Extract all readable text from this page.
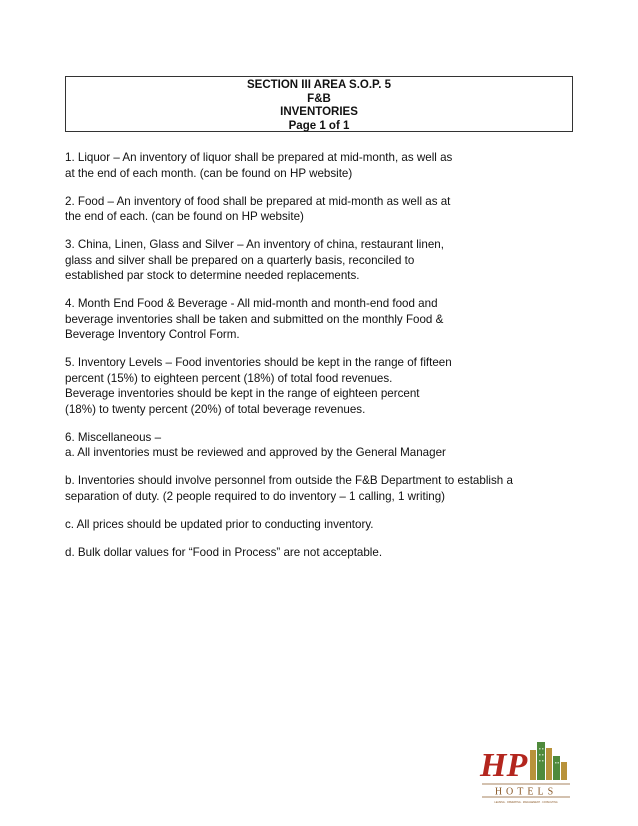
SECTION III AREA S.O.P. 5
F&B
INVENTORIES
Page 1 of 1
1. Liquor – An inventory of liquor shall be prepared at mid-month, as well as
at the end of each month. (can be found on HP website)
2. Food – An inventory of food shall be prepared at mid-month as well as at
the end of each. (can be found on HP website)
3. China, Linen, Glass and Silver – An inventory of china, restaurant linen,
glass and silver shall be prepared on a quarterly basis, reconciled to
established par stock to determine needed replacements.
4. Month End Food & Beverage - All mid-month and month-end food and
beverage inventories shall be taken and submitted on the monthly Food &
Beverage Inventory Control Form.
5. Inventory Levels – Food inventories should be kept in the range of fifteen
percent (15%) to eighteen percent (18%) of total food revenues.
Beverage inventories should be kept in the range of eighteen percent
(18%) to twenty percent (20%) of total beverage revenues.
6. Miscellaneous –
a. All inventories must be reviewed and approved by the General Manager
b. Inventories should involve personnel from outside the F&B Department to establish a
separation of duty. (2 people required to do inventory – 1 calling, 1 writing)
c. All prices should be updated prior to conducting inventory.
d. Bulk dollar values for “Food in Process” are not acceptable.
HP
HOTELS
LEASING · OPERATING · MANAGEMENT · CONSULTING
